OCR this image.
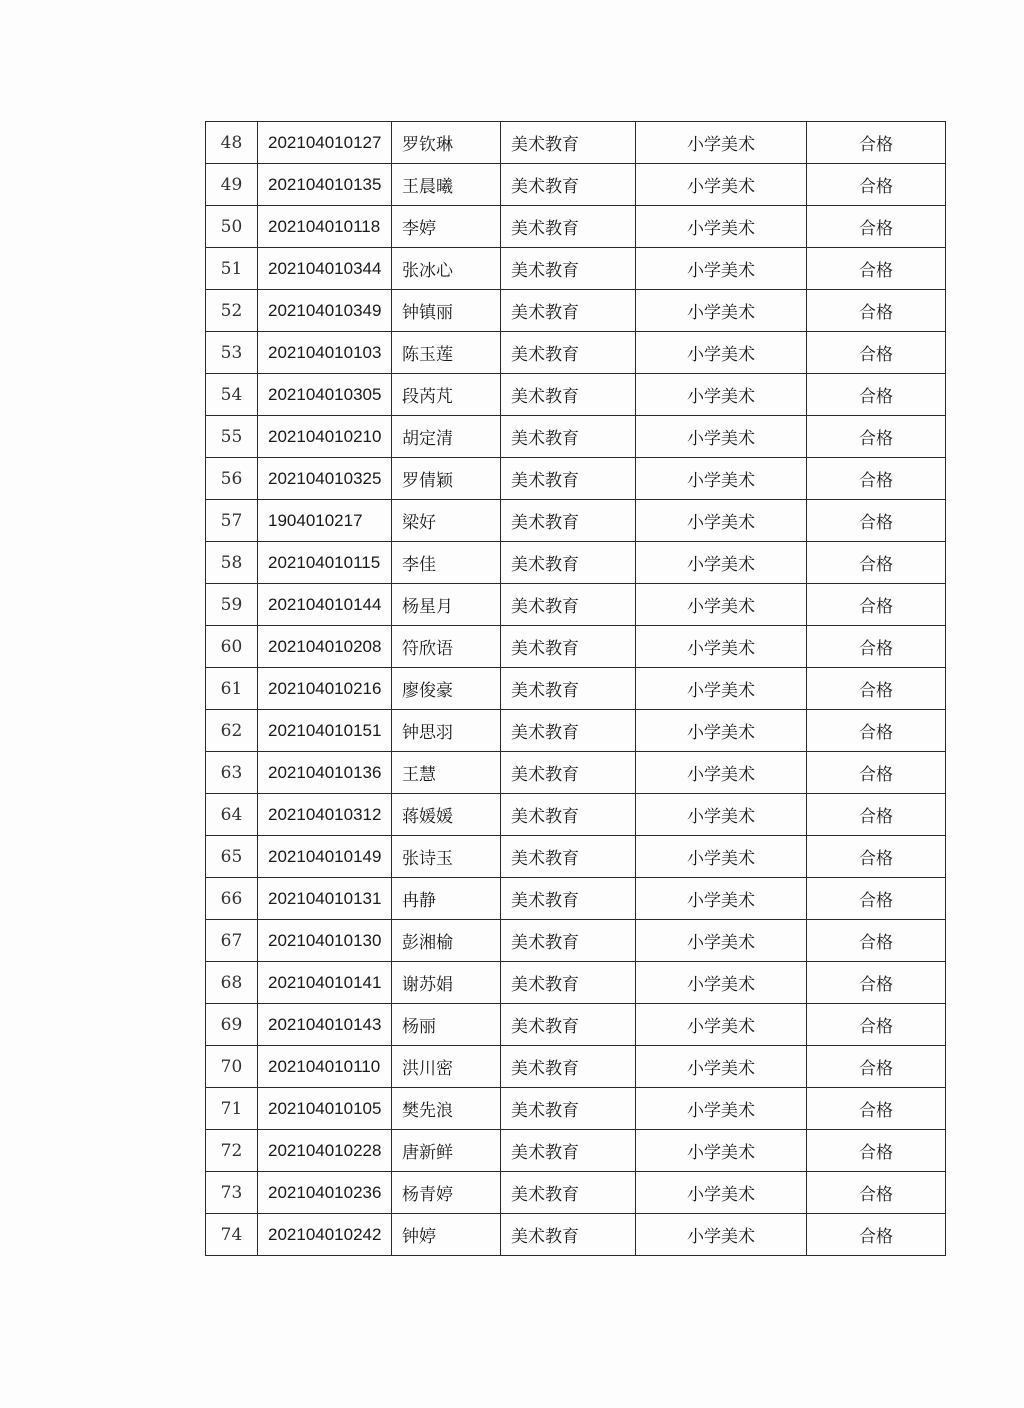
48	202104010127	罗钦琳	美术教育	小学美术	合格
49	202104010135	王晨曦	美术教育	小学美术	合格
50	202104010118	李婷	美术教育	小学美术	合格
51	202104010344	张冰心	美术教育	小学美术	合格
52	202104010349	钟镇丽	美术教育	小学美术	合格
53	202104010103	陈玉莲	美术教育	小学美术	合格
54	202104010305	段芮芃	美术教育	小学美术	合格
55	202104010210	胡定清	美术教育	小学美术	合格
56	202104010325	罗倩颖	美术教育	小学美术	合格
57	1904010217	梁好	美术教育	小学美术	合格
58	202104010115	李佳	美术教育	小学美术	合格
59	202104010144	杨星月	美术教育	小学美术	合格
60	202104010208	符欣语	美术教育	小学美术	合格
61	202104010216	廖俊豪	美术教育	小学美术	合格
62	202104010151	钟思羽	美术教育	小学美术	合格
63	202104010136	王慧	美术教育	小学美术	合格
64	202104010312	蒋媛媛	美术教育	小学美术	合格
65	202104010149	张诗玉	美术教育	小学美术	合格
66	202104010131	冉静	美术教育	小学美术	合格
67	202104010130	彭湘榆	美术教育	小学美术	合格
68	202104010141	谢苏娟	美术教育	小学美术	合格
69	202104010143	杨丽	美术教育	小学美术	合格
70	202104010110	洪川密	美术教育	小学美术	合格
71	202104010105	樊先浪	美术教育	小学美术	合格
72	202104010228	唐新鲜	美术教育	小学美术	合格
73	202104010236	杨青婷	美术教育	小学美术	合格
74	202104010242	钟婷	美术教育	小学美术	合格
